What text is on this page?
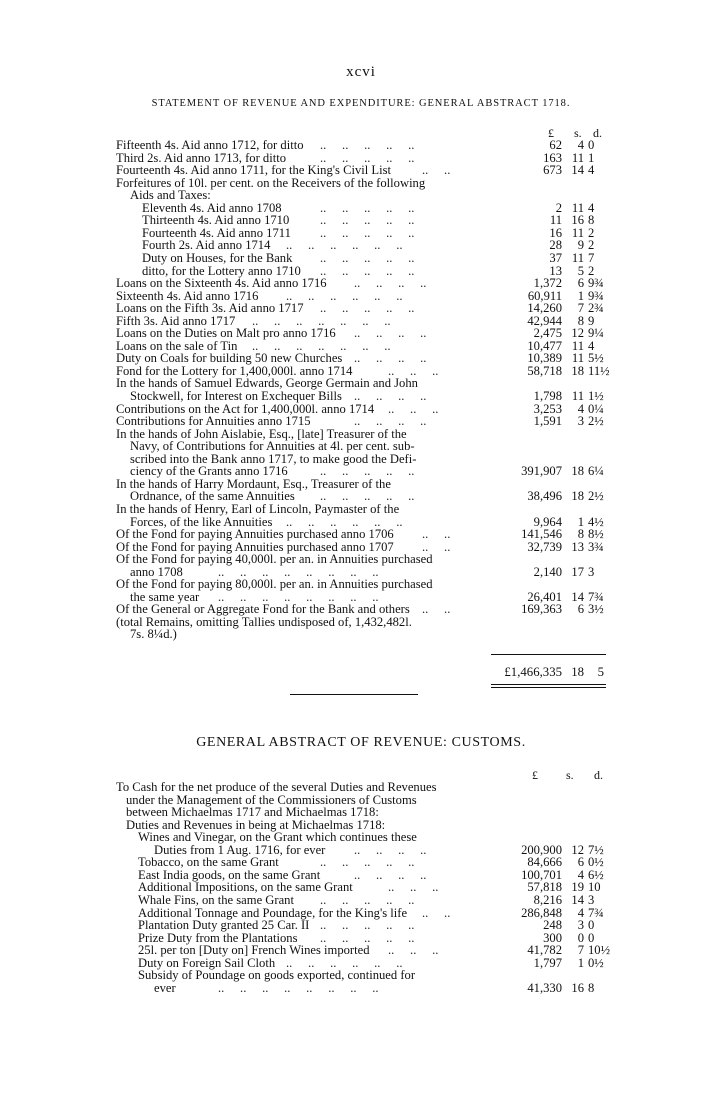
xcvi
STATEMENT OF REVENUE AND EXPENDITURE: GENERAL ABSTRACT 1718.
£ s. d.
Fifteenth 4s. Aid anno 1712, for ditto ..  ..  ..  ..  ..	62	4 0
Third 2s. Aid anno 1713, for ditto	..  ..  ..  ..  ..	163 11 1
Fourteenth 4s. Aid anno 1711, for the King's Civil List ..  ..	673 14 4
Forfeitures of 10l. per cent. on the Receivers of the following
Aids and Taxes:
Eleventh 4s. Aid anno 1708	..  ..  ..  ..  ..	2 11 4
Thirteenth 4s. Aid anno 1710 ..  ..  ..  ..  ..	11 16 8
Fourteenth 4s. Aid anno 1711 ..  ..  ..  ..  ..	16 11 2
Fourth 2s. Aid anno 1714 ..  ..  ..  ..  ..  ..	28	9 2
Duty on Houses, for the Bank ..  ..  ..  ..  ..	37 11 7
ditto, for the Lottery anno 1710 ..  ..  ..  ..  ..	13	5 2
Loans on the Sixteenth 4s. Aid anno 1716 ..  ..  ..  ..	1,372	6 9¾
Sixteenth 4s. Aid anno 1716 ..  ..  ..  ..  ..  ..	60,911	1 9¾
Loans on the Fifth 3s. Aid anno 1717 ..  ..  ..  ..  ..	14,260	7 2¾
Fifth 3s. Aid anno 1717 ..  ..  ..  ..  ..  ..  ..	42,944	8 9
Loans on the Duties on Malt pro anno 1716 ..  ..  ..  ..	2,475 12 9¼
Loans on the sale of Tin ..  ..  ..  ..  ..  ..  ..	10,477 11 4
Duty on Coals for building 50 new Churches ..  ..  ..  ..	10,389 11 5½
Fond for the Lottery for 1,400,000l. anno 1714	..  ..  ..	58,718 18 11½
In the hands of Samuel Edwards, George Germain and John
Stockwell, for Interest on Exchequer Bills ..  ..  ..  ..	1,798 11 1½
Contributions on the Act for 1,400,000l. anno 1714 ..  ..  ..	3,253	4 0¼
Contributions for Annuities anno 1715	..  ..  ..  ..	1,591	3 2½
In the hands of John Aislabie, Esq., [late] Treasurer of the
Navy, of Contributions for Annuities at 4l. per cent. sub-
scribed into the Bank anno 1717, to make good the Defi-
ciency of the Grants anno 1716	..  ..  ..  ..  ..	391,907 18 6¼
In the hands of Harry Mordaunt, Esq., Treasurer of the
Ordnance, of the same Annuities ..  ..  ..  ..  ..	38,496 18 2½
In the hands of Henry, Earl of Lincoln, Paymaster of the
Forces, of the like Annuities ..  ..  ..  ..  ..  ..	9,964	1 4½
Of the Fond for paying Annuities purchased anno 1706 ..  ..	141,546	8 8½
Of the Fond for paying Annuities purchased anno 1707 ..  ..	32,739 13 3¾
Of the Fond for paying 40,000l. per an. in Annuities purchased
anno 1708	..  ..  ..  ..  ..  ..  ..  ..	2,140 17 3
Of the Fond for paying 80,000l. per an. in Annuities purchased
the same year ..  ..  ..  ..  ..  ..  ..  ..	26,401 14 7¾
Of the General or Aggregate Fond for the Bank and others ..  ..	169,363	6 3½
(total Remains, omitting Tallies undisposed of, 1,432,482l.
7s. 8¼d.)
£1,466,335 18	5
GENERAL ABSTRACT OF REVENUE: CUSTOMS.
£ s. d.
To Cash for the net produce of the several Duties and Revenues
under the Management of the Commissioners of Customs
between Michaelmas 1717 and Michaelmas 1718:
Duties and Revenues in being at Michaelmas 1718:
Wines and Vinegar, on the Grant which continues these
Duties from 1 Aug. 1716, for ever ..  ..  ..  ..	200,900 12 7½
Tobacco, on the same Grant	..  ..  ..  ..  ..	84,666	6 0½
East India goods, on the same Grant	..  ..  ..  ..	100,701	4 6½
Additional Impositions, on the same Grant	..  ..  ..	57,818 19 10
Whale Fins, on the same Grant ..  ..  ..  ..  ..	8,216 14 3
Additional Tonnage and Poundage, for the King's life ..  ..	286,848	4 7¾
Plantation Duty granted 25 Car. II ..  ..  ..  ..  ..	248	3 0
Prize Duty from the Plantations ..  ..  ..  ..  ..	300	0 0
25l. per ton [Duty on] French Wines imported ..  ..  ..	41,782	7 10½
Duty on Foreign Sail Cloth ..  ..  ..  ..  ..  ..	1,797	1 0½
Subsidy of Poundage on goods exported, continued for
ever	..  ..  ..  ..  ..  ..  ..  ..	41,330 16 8
